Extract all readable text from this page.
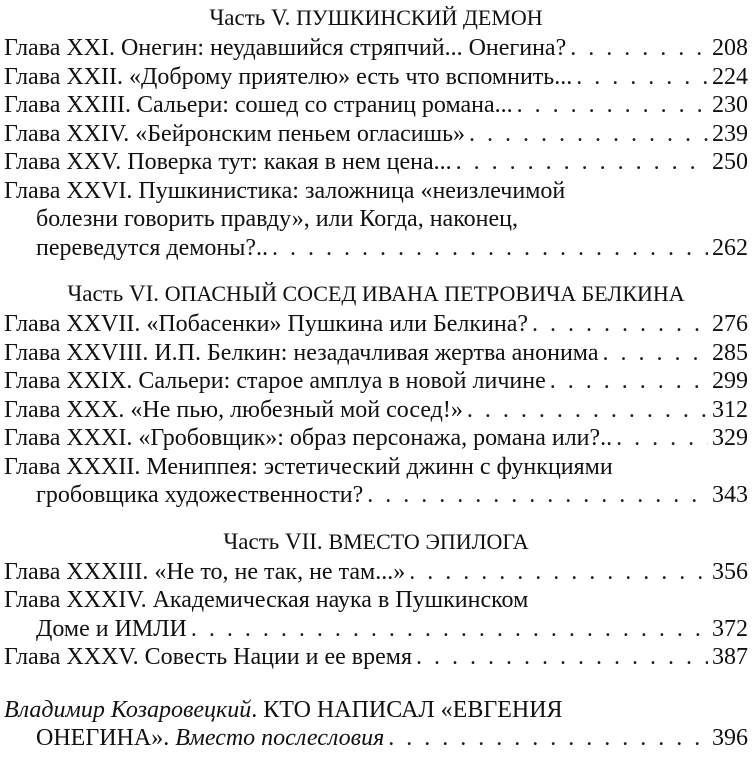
Часть V. ПУШКИНСКИЙ ДЕМОН
Глава XXI. Онегин: неудавшийся стряпчий... Онегина? . . .	208
Глава XXII. «Доброму приятелю» есть что вспомнить... . . .	224
Глава XXIII. Сальери: сошед со страниц романа... . . .	230
Глава XXIV. «Бейронским пеньем огласишь» . . .	239
Глава XXV. Поверка тут: какая в нем цена... . . .	250
Глава XXVI. Пушкинистика: заложница «неизлечимой
болезни говорить правду», или Когда, наконец,
переведутся демоны?.. . . .	262
Часть VI. ОПАСНЫЙ СОСЕД ИВАНА ПЕТРОВИЧА БЕЛКИНА
Глава XXVII. «Побасенки» Пушкина или Белкина? . . .	276
Глава XXVIII. И.П. Белкин: незадачливая жертва анонима . . .	285
Глава XXIX. Сальери: старое амплуа в новой личине . . .	299
Глава XXX. «Не пью, любезный мой сосед!» . . .	312
Глава XXXI. «Гробовщик»: образ персонажа, романа или?.. . . .	329
Глава XXXII. Мениппея: эстетический джинн с функциями
гробовщика художественности? . . .	343
Часть VII. ВМЕСТО ЭПИЛОГА
Глава XXXIII. «Не то, не так, не там...» . . .	356
Глава XXXIV. Академическая наука в Пушкинском
Доме и ИМЛИ . . .	372
Глава XXXV. Совесть Нации и ее время . . .	387
Владимир Козаровецкий. КТО НАПИСАЛ «ЕВГЕНИЯ
ОНЕГИНА». Вместо послесловия . . .	396
